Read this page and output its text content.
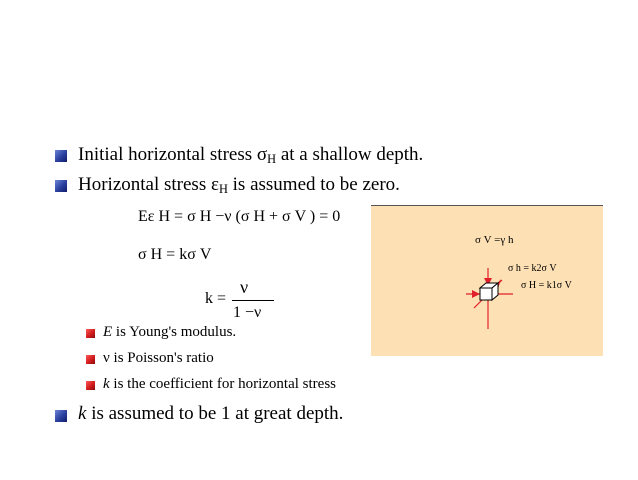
Initial horizontal stress $\sigma_H$ at a shallow depth.
Horizontal stress $\varepsilon_H$ is assumed to be zero.
Eε H = σ H −ν (σ H + σ V ) = 0
σ H = kσ V
k =
ν
1 −ν
σ V =γ h
σ h = k2σ V
σ H = k1σ V
E is Young's modulus.
ν is Poisson's ratio
k is the coefficient for horizontal stress
k is assumed to be 1 at great depth.
